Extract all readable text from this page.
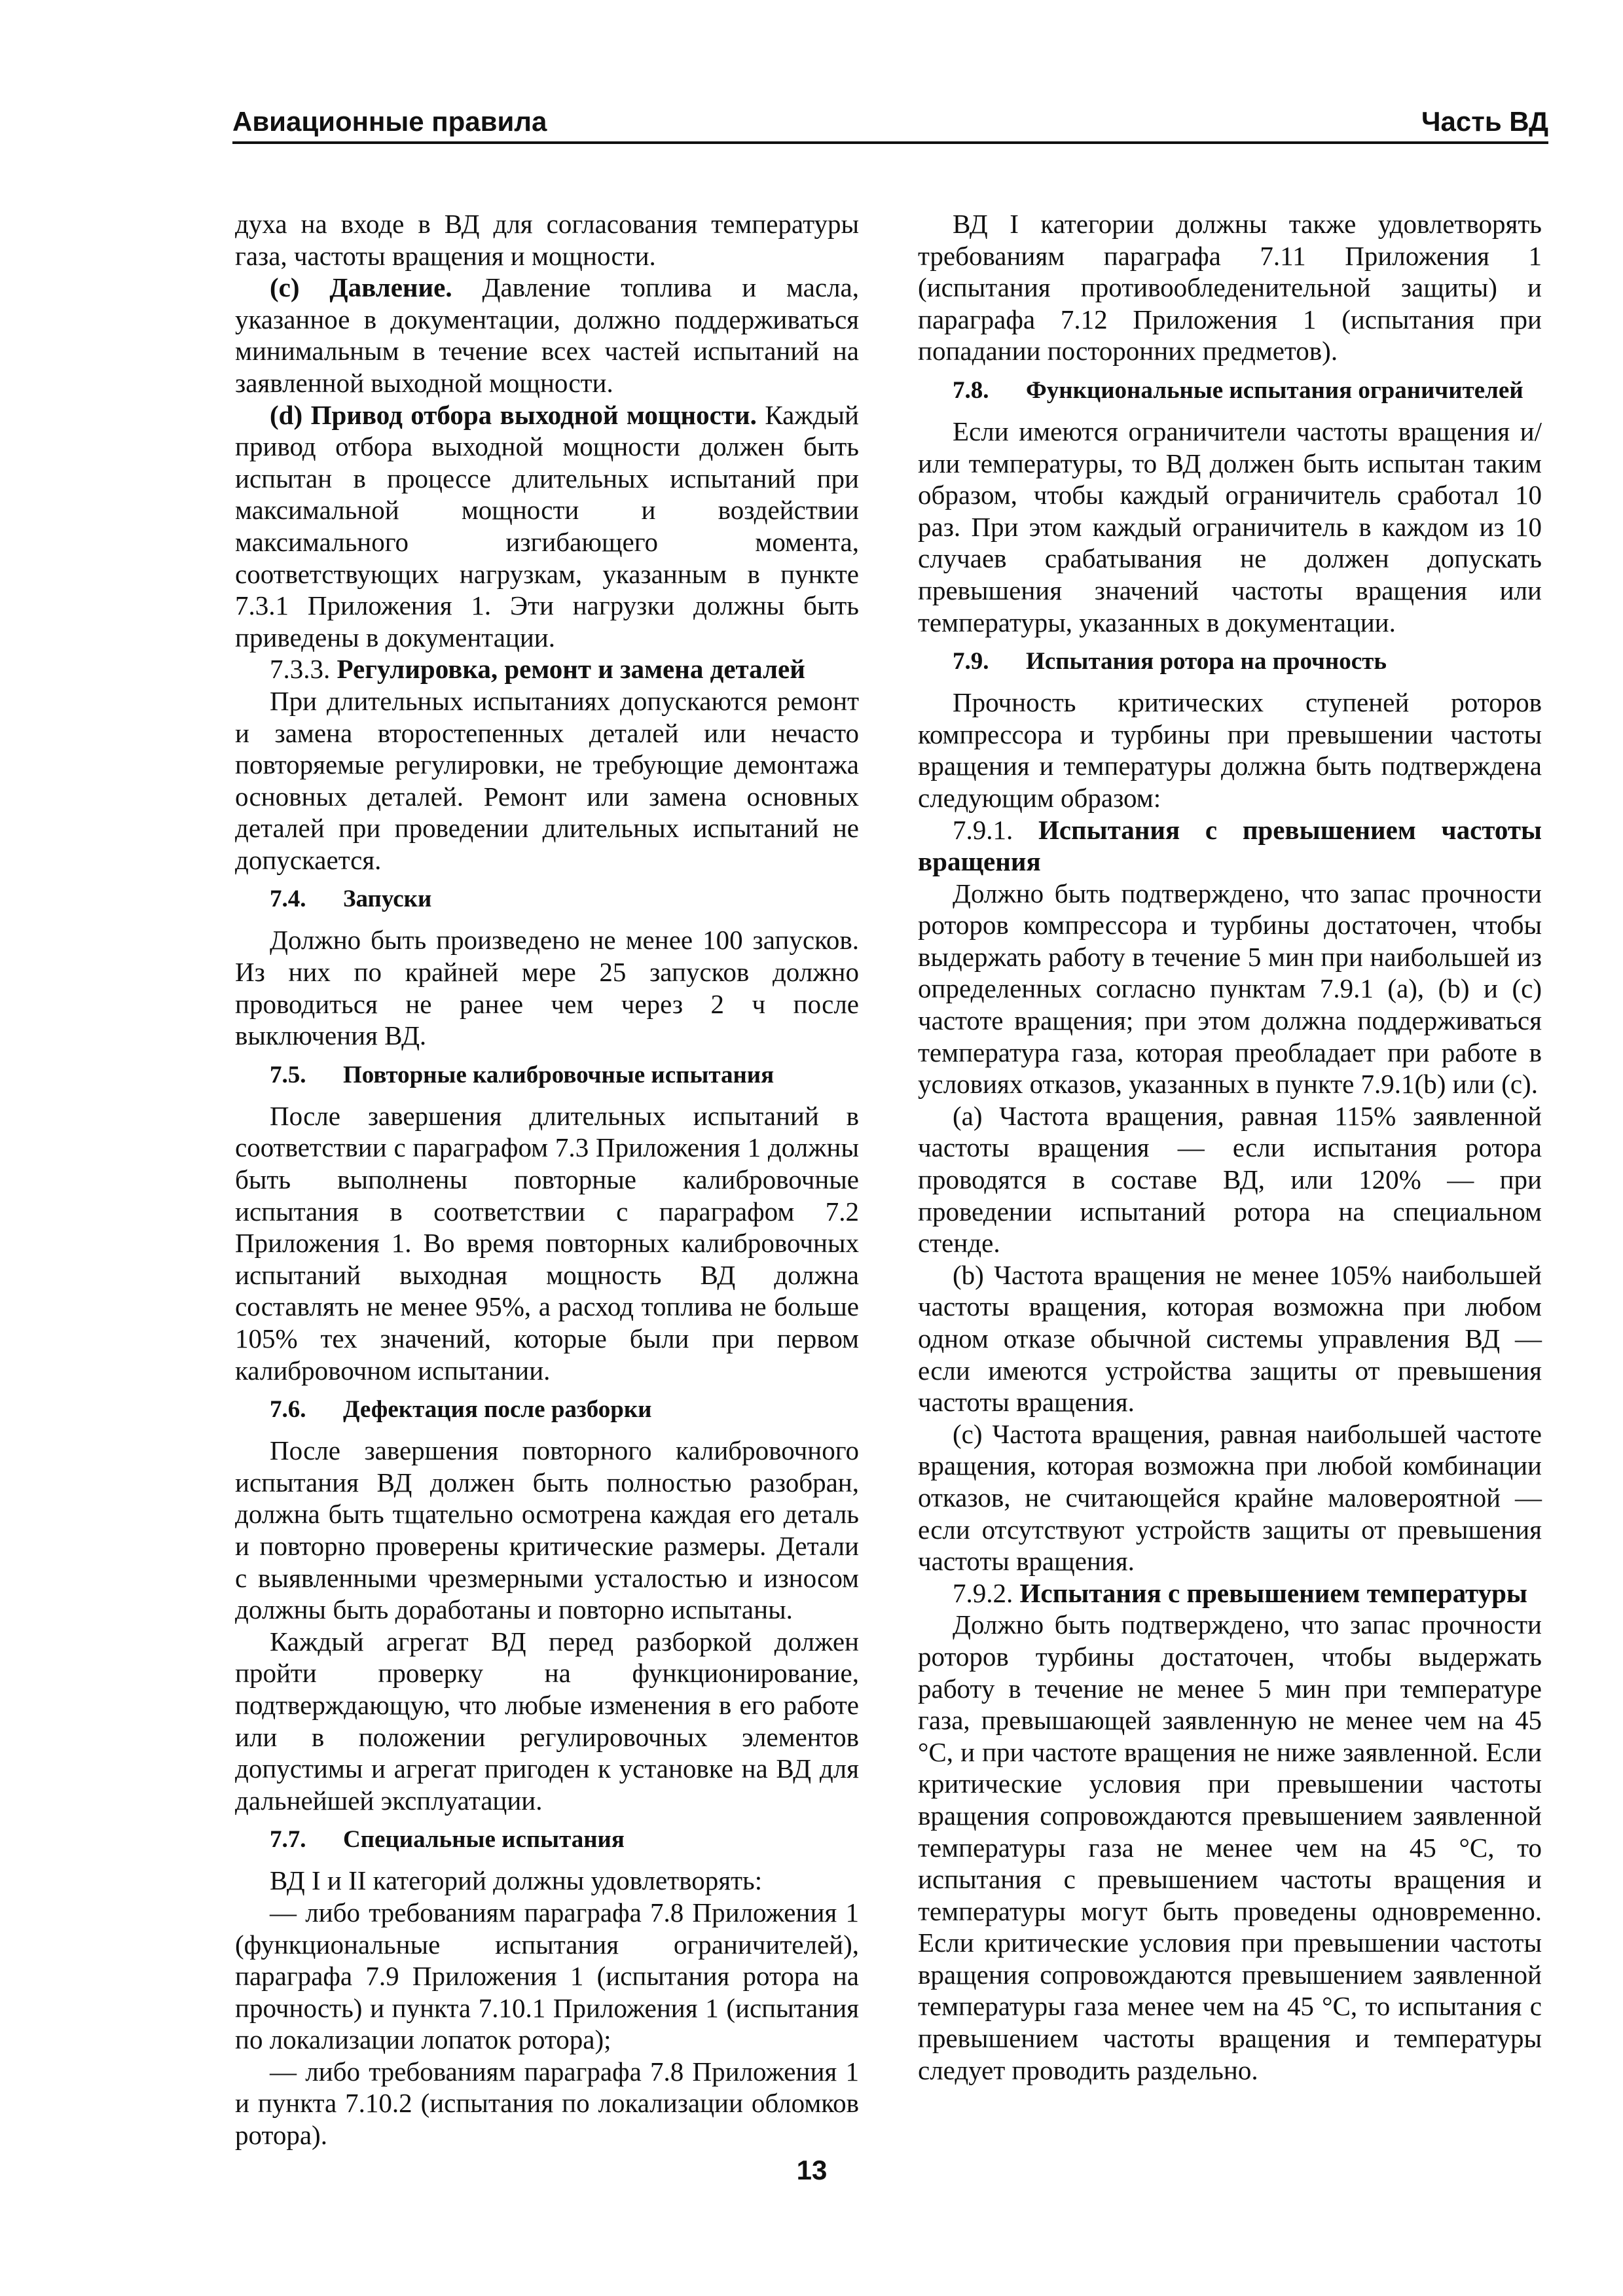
Авиационные правила	Часть ВД

духа на входе в ВД для согласования температуры газа, частоты вращения и мощности.

(c) Давление. Давление топлива и масла, указанное в документации, должно поддерживаться минимальным в течение всех частей испытаний на заявленной выходной мощности.

(d) Привод отбора выходной мощности. Каждый привод отбора выходной мощности должен быть испытан в процессе длительных испытаний при максимальной мощности и воздействии максимального изгибающего момента, соответствующих нагрузкам, указанным в пункте 7.3.1 Приложения 1. Эти нагрузки должны быть приведены в документации.

7.3.3. Регулировка, ремонт и замена деталей

При длительных испытаниях допускаются ремонт и замена второстепенных деталей или нечасто повторяемые регулировки, не требующие демонтажа основных деталей. Ремонт или замена основных деталей при проведении длительных испытаний не допускается.

7.4.	Запуски

Должно быть произведено не менее 100 запусков. Из них по крайней мере 25 запусков должно проводиться не ранее чем через 2 ч после выключения ВД.

7.5.	Повторные калибровочные испытания

После завершения длительных испытаний в соответствии с параграфом 7.3 Приложения 1 должны быть выполнены повторные калибровочные испытания в соответствии с параграфом 7.2 Приложения 1. Во время повторных калибровочных испытаний выходная мощность ВД должна составлять не менее 95%, а расход топлива не больше 105% тех значений, которые были при первом калибровочном испытании.

7.6.	Дефектация после разборки

После завершения повторного калибровочного испытания ВД должен быть полностью разобран, должна быть тщательно осмотрена каждая его деталь и повторно проверены критические размеры. Детали с выявленными чрезмерными усталостью и износом должны быть доработаны и повторно испытаны.

Каждый агрегат ВД перед разборкой должен пройти проверку на функционирование, подтверждающую, что любые изменения в его работе или в положении регулировочных элементов допустимы и агрегат пригоден к установке на ВД для дальнейшей эксплуатации.

7.7.	Специальные испытания

ВД I и II категорий должны удовлетворять:

— либо требованиям параграфа 7.8 Приложения 1 (функциональные испытания ограничителей), параграфа 7.9 Приложения 1 (испытания ротора на прочность) и пункта 7.10.1 Приложения 1 (испытания по локализации лопаток ротора);

— либо требованиям параграфа 7.8 Приложения 1 и пункта 7.10.2 (испытания по локализации обломков ротора).

ВД I категории должны также удовлетворять требованиям параграфа 7.11 Приложения 1 (испытания противообледенительной защиты) и параграфа 7.12 Приложения 1 (испытания при попадании посторонних предметов).

7.8.	Функциональные испытания ограничителей

Если имеются ограничители частоты вращения и/или температуры, то ВД должен быть испытан таким образом, чтобы каждый ограничитель сработал 10 раз. При этом каждый ограничитель в каждом из 10 случаев срабатывания не должен допускать превышения значений частоты вращения или температуры, указанных в документации.

7.9.	Испытания ротора на прочность

Прочность критических ступеней роторов компрессора и турбины при превышении частоты вращения и температуры должна быть подтверждена следующим образом:

7.9.1. Испытания с превышением частоты вращения

Должно быть подтверждено, что запас прочности роторов компрессора и турбины достаточен, чтобы выдержать работу в течение 5 мин при наибольшей из определенных согласно пунктам 7.9.1 (a), (b) и (c) частоте вращения; при этом должна поддерживаться температура газа, которая преобладает при работе в условиях отказов, указанных в пункте 7.9.1(b) или (c).

(a) Частота вращения, равная 115% заявленной частоты вращения — если испытания ротора проводятся в составе ВД, или 120% — при проведении испытаний ротора на специальном стенде.

(b) Частота вращения не менее 105% наибольшей частоты вращения, которая возможна при любом одном отказе обычной системы управления ВД — если имеются устройства защиты от превышения частоты вращения.

(c) Частота вращения, равная наибольшей частоте вращения, которая возможна при любой комбинации отказов, не считающейся крайне маловероятной — если отсутствуют устройств защиты от превышения частоты вращения.

7.9.2. Испытания с превышением температуры

Должно быть подтверждено, что запас прочности роторов турбины достаточен, чтобы выдержать работу в течение не менее 5 мин при температуре газа, превышающей заявленную не менее чем на 45 °С, и при частоте вращения не ниже заявленной. Если критические условия при превышении частоты вращения сопровождаются превышением заявленной температуры газа не менее чем на 45 °С, то испытания с превышением частоты вращения и температуры могут быть проведены одновременно. Если критические условия при превышении частоты вращения сопровождаются превышением заявленной температуры газа менее чем на 45 °С, то испытания с превышением частоты вращения и температуры следует проводить раздельно.

13
